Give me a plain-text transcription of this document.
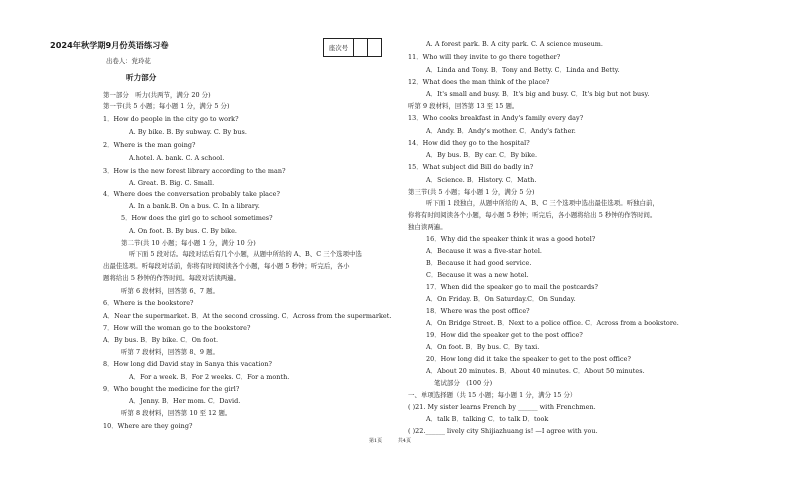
2024年秋学期9月份英语练习卷	座次号
出卷人：党玲花
听力部分
第一部分　听力(共两节，满分 20 分)
第一节(共 5 小题；每小题 1 分，满分 5 分)
1．How do people in the city go to work?
A. By bike. B. By subway. C. By bus.
2．Where is the man going?
A.hotel. A. bank. C. A school.
3．How is the new forest library according to the man?
A. Great. B. Big. C. Small.
4．Where does the conversation probably take place?
A. In a bank.B. On a bus. C. In a library.
5．How does the girl go to school sometimes?
A. On foot. B. By bus. C. By bike.
第二节(共 10 小题；每小题 1 分，满分 10 分)
听下面 5 段对话。每段对话后有几个小题，从题中所给的 A、B、C 三个选项中选
出最佳选项。听每段对话前，你将有时间阅读各个小题，每小题 5 秒钟；听完后，各小
题将给出 5 秒钟的作答时间。每段对话读两遍。
听第 6 段材料，回答第 6、7 题。
6．Where is the bookstore?
A．Near the supermarket. B．At the second crossing. C．Across from the supermarket.
7．How will the woman go to the bookstore?
A．By bus. B．By bike. C．On foot.
听第 7 段材料，回答第 8、9 题。
8．How long did David stay in Sanya this vacation?
A．For a week. B．For 2 weeks. C．For a month.
9．Who bought the medicine for the girl?
A．Jenny. B．Her mom. C．David.
听第 8 段材料，回答第 10 至 12 题。
10．Where are they going?
A. A forest park. B. A city park. C. A science museum.
11．Who will they invite to go there together?
A．Linda and Tony. B．Tony and Betty. C．Linda and Betty.
12．What does the man think of the place?
A．It's small and busy. B．It's big and busy. C．It's big but not busy.
听第 9 段材料，回答第 13 至 15 题。
13．Who cooks breakfast in Andy's family every day?
A．Andy. B．Andy's mother. C．Andy's father.
14．How did they go to the hospital?
A．By bus. B．By car. C．By bike.
15．What subject did Bill do badly in?
A．Science. B．History. C．Math.
第三节(共 5 小题；每小题 1 分，满分 5 分)
听下面 1 段独白，从题中所给的 A、B、C 三个选项中选出最佳选项。听独白前，
你将有时间阅读各个小题，每小题 5 秒钟；听完后，各小题将给出 5 秒钟的作答时间。
独白读两遍。
16．Why did the speaker think it was a good hotel?
A．Because it was a five-star hotel.
B．Because it had good service.
C．Because it was a new hotel.
17．When did the speaker go to mail the postcards?
A．On Friday. B．On Saturday.C．On Sunday.
18．Where was the post office?
A．On Bridge Street. B．Next to a police office. C．Across from a bookstore.
19．How did the speaker get to the post office?
A．On foot. B．By bus. C．By taxi.
20．How long did it take the speaker to get to the post office?
A．About 20 minutes. B．About 40 minutes. C．About 50 minutes.
笔试部分　(100 分)
一、单项选择题（共 15 小题；每小题 1 分，满分 15 分）
( )21. My sister learns French by ______ with Frenchmen.
A．talk B．talking C．to talk D．took
( )22.______ lively city Shijiazhuang is! —I agree with you.
第1页	共4页
